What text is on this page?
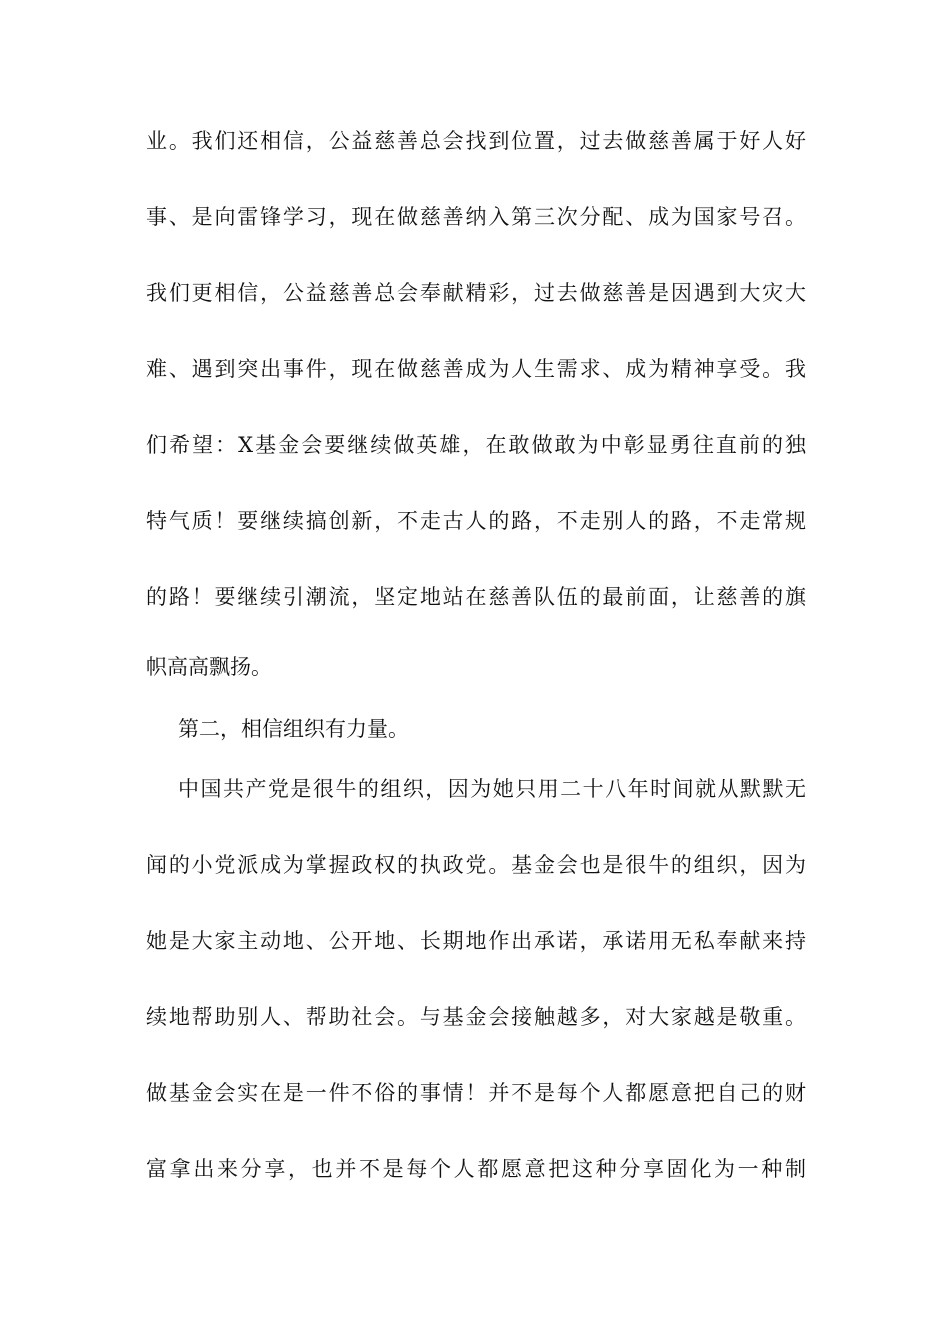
业。我们还相信，公益慈善总会找到位置，过去做慈善属于好人好
事、是向雷锋学习，现在做慈善纳入第三次分配、成为国家号召。
我们更相信，公益慈善总会奉献精彩，过去做慈善是因遇到大灾大
难、遇到突出事件，现在做慈善成为人生需求、成为精神享受。我
们希望：X基金会要继续做英雄，在敢做敢为中彰显勇往直前的独
特气质！要继续搞创新，不走古人的路，不走别人的路，不走常规
的路！要继续引潮流，坚定地站在慈善队伍的最前面，让慈善的旗
帜高高飘扬。
第二，相信组织有力量。
中国共产党是很牛的组织，因为她只用二十八年时间就从默默无
闻的小党派成为掌握政权的执政党。基金会也是很牛的组织，因为
她是大家主动地、公开地、长期地作出承诺，承诺用无私奉献来持
续地帮助别人、帮助社会。与基金会接触越多，对大家越是敬重。
做基金会实在是一件不俗的事情！并不是每个人都愿意把自己的财
富拿出来分享，也并不是每个人都愿意把这种分享固化为一种制
